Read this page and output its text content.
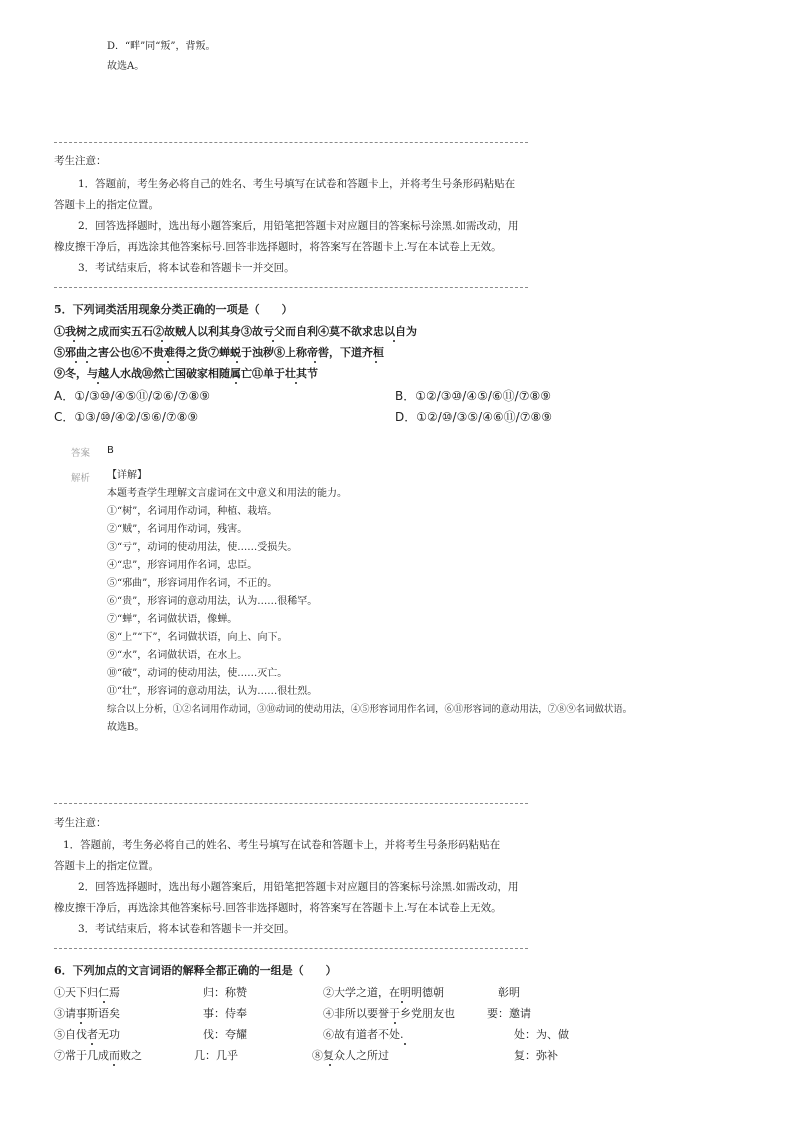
D．“畔”同“叛”，背叛。
故选A。
考生注意：
1．答题前，考生务必将自己的姓名、考生号填写在试卷和答题卡上，并将考生号条形码粘贴在
答题卡上的指定位置。
2．回答选择题时，选出每小题答案后，用铅笔把答题卡对应题目的答案标号涂黑.如需改动，用
橡皮擦干净后，再选涂其他答案标号.回答非选择题时，将答案写在答题卡上.写在本试卷上无效。
3．考试结束后，将本试卷和答题卡一并交回。
5．下列词类活用现象分类正确的一项是（　　）
①我树之成而实五石②故贼人以利其身③故亏父而自利④莫不欲求忠以自为
⑤邪曲之害公也⑥不贵难得之货⑦蝉蜕于浊秽⑧上称帝喾，下道齐桓
⑨冬，与越人水战⑩然亡国破家相随属亡⑪单于壮其节
A．①/③⑩/④⑤⑪/②⑥/⑦⑧⑨	B．①②/③⑩/④⑤/⑥⑪/⑦⑧⑨
C．①③/⑩/④②/⑤⑥/⑦⑧⑨	D．①②/⑩/③⑤/④⑥⑪/⑦⑧⑨
答案 B
解析 【详解】
本题考查学生理解文言虚词在文中意义和用法的能力。
①“树”，名词用作动词，种植、栽培。
②“贼”，名词用作动词，残害。
③“亏”，动词的使动用法，使……受损失。
④“忠”，形容词用作名词，忠臣。
⑤“邪曲”，形容词用作名词，不正的。
⑥“贵”，形容词的意动用法，认为……很稀罕。
⑦“蝉”，名词做状语，像蝉。
⑧“上”“下”，名词做状语，向上、向下。
⑨“水”，名词做状语，在水上。
⑩“破”，动词的使动用法，使……灭亡。
⑪“壮”，形容词的意动用法，认为……很壮烈。
综合以上分析，①②名词用作动词，③⑩动词的使动用法，④⑤形容词用作名词，⑥⑪形容词的意动用法，⑦⑧⑨名词做状语。
故选B。
考生注意：
1．答题前，考生务必将自己的姓名、考生号填写在试卷和答题卡上，并将考生号条形码粘贴在
答题卡上的指定位置。
2．回答选择题时，选出每小题答案后，用铅笔把答题卡对应题目的答案标号涂黑.如需改动，用
橡皮擦干净后，再选涂其他答案标号.回答非选择题时，将答案写在答题卡上.写在本试卷上无效。
3．考试结束后，将本试卷和答题卡一并交回。
6．下列加点的文言词语的解释全都正确的一组是（　　）
①天下归仁焉	归：称赞	②大学之道，在明明德朝	彰明
③请事斯语矣	事：侍奉	④非所以要誉于乡党朋友也	要：邀请
⑤自伐者无功	伐：夸耀	⑥故有道者不处.	处：为、做
⑦常于几成而败之	几：几乎	⑧复众人之所过	复：弥补
